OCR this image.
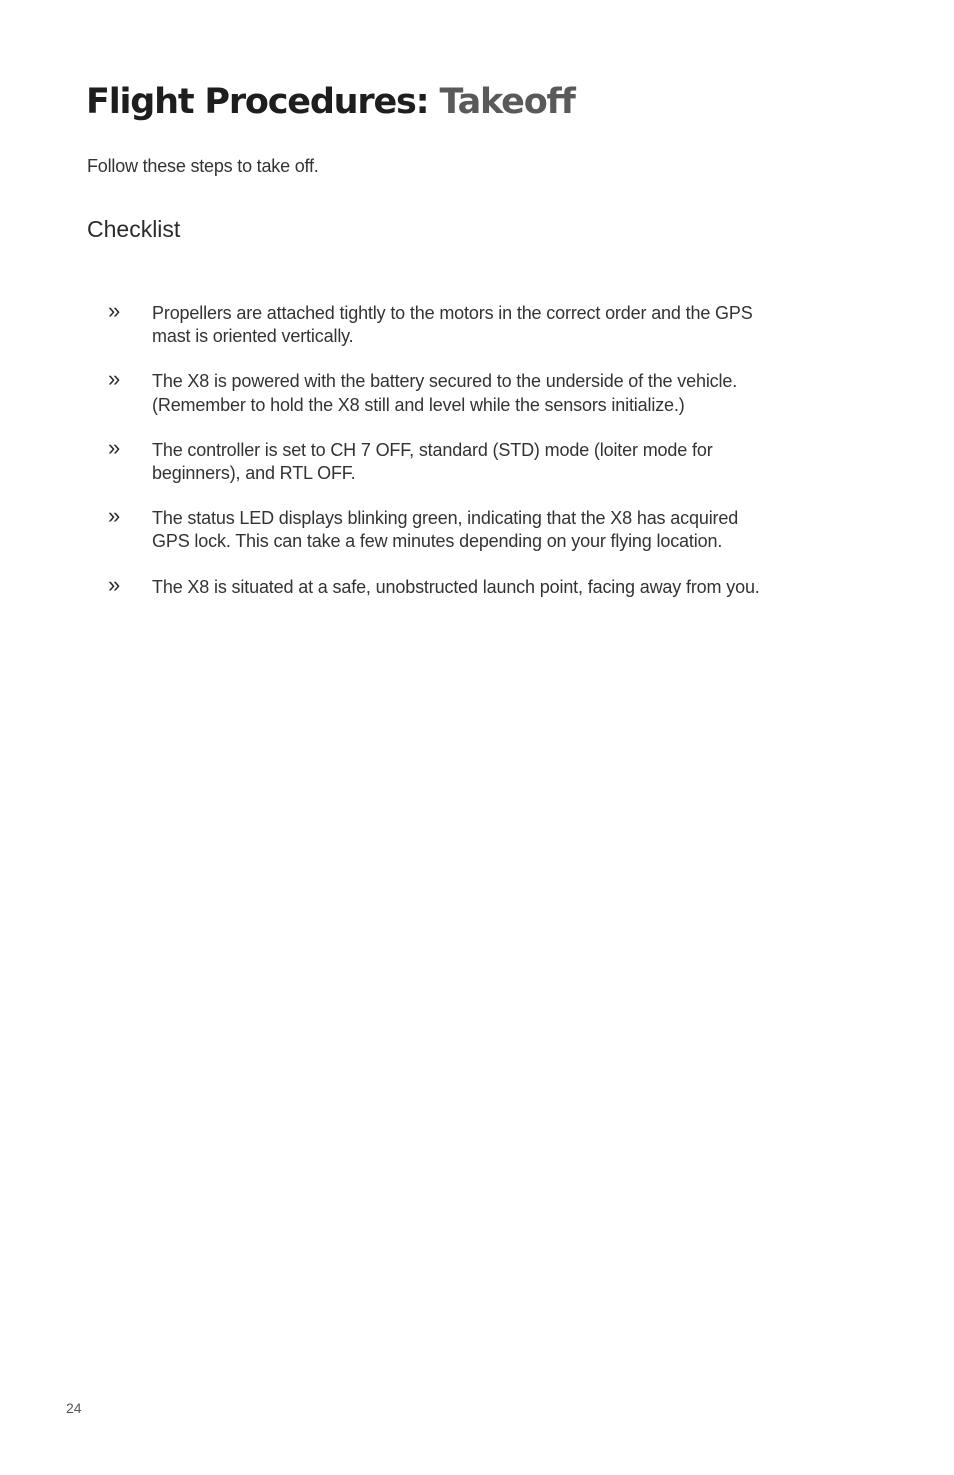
Flight Procedures: Takeoff

Follow these steps to take off.

Checklist
» Propellers are attached tightly to the motors in the correct order and the GPS mast is oriented vertically.
» The X8 is powered with the battery secured to the underside of the vehicle. (Remember to hold the X8 still and level while the sensors initialize.)
» The controller is set to CH 7 OFF, standard (STD) mode (loiter mode for beginners), and RTL OFF.
» The status LED displays blinking green, indicating that the X8 has acquired GPS lock. This can take a few minutes depending on your flying location.
» The X8 is situated at a safe, unobstructed launch point, facing away from you.

24
